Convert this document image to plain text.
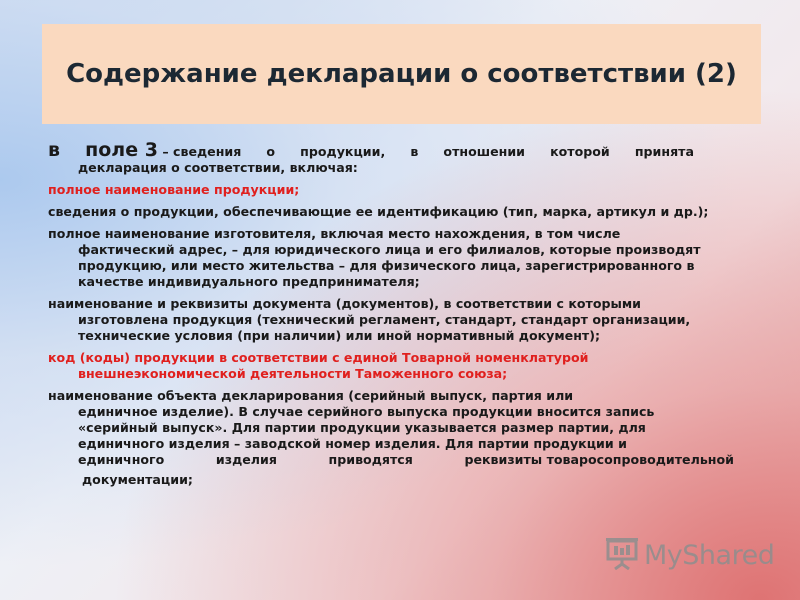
Содержание декларации о соответствии (2)
в поле 3 – сведения о продукции, в отношении которой принята
декларация о соответствии, включая:
полное наименование продукции;
сведения о продукции, обеспечивающие ее идентификацию (тип, марка, артикул и др.);
полное наименование изготовителя, включая место нахождения, в том числе
фактический адрес, – для юридического лица и его филиалов, которые производят
продукцию, или место жительства – для физического лица, зарегистрированного в
качестве индивидуального предпринимателя;
наименование и реквизиты документа (документов), в соответствии с которыми
изготовлена продукция (технический регламент, стандарт, стандарт организации,
технические условия (при наличии) или иной нормативный документ);
код (коды) продукции в соответствии с единой Товарной номенклатурой
внешнеэкономической деятельности Таможенного союза;
наименование объекта декларирования (серийный выпуск, партия или
единичное изделие). В случае серийного выпуска продукции вносится запись
«серийный выпуск». Для партии продукции указывается размер партии, для
единичного изделия – заводской номер изделия. Для партии продукции и
единичного	изделия	приводятся	реквизиты товаросопроводительной
документации;
MyShared
